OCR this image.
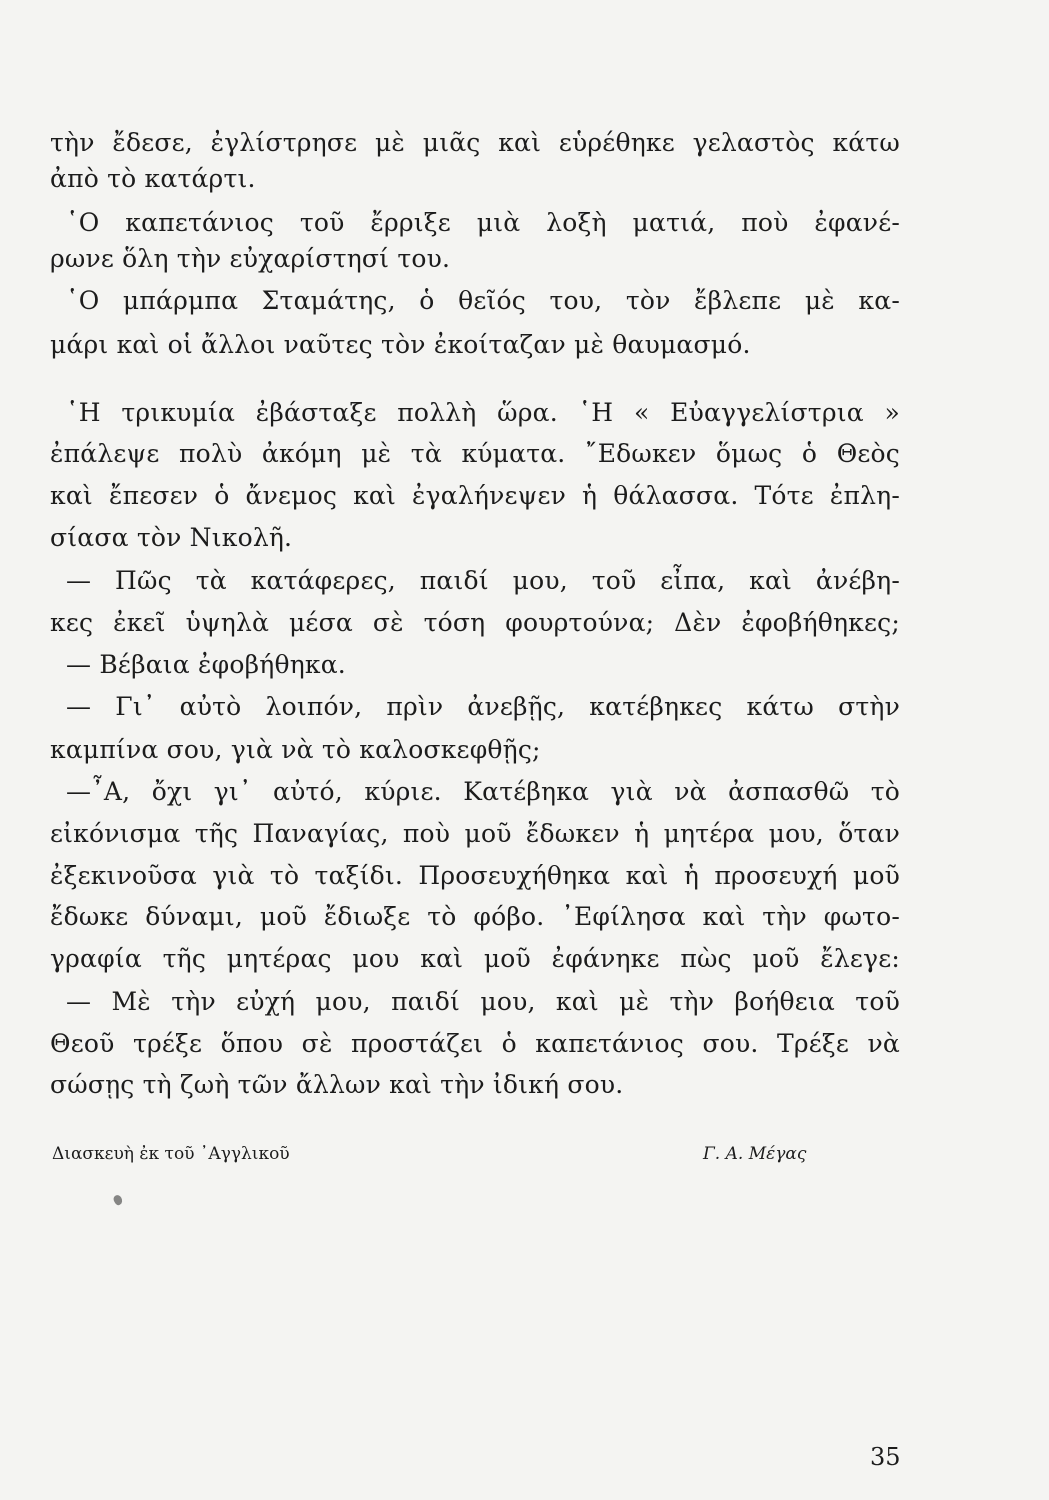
τὴν ἔδεσε, ἐγλίστρησε μὲ μιᾶς καὶ εὑρέθηκε γελαστὸς κάτω
ἀπὸ τὸ κατάρτι.
῾Ο καπετάνιος τοῦ ἔρριξε μιὰ λοξὴ ματιά, ποὺ ἐφανέ-
ρωνε ὅλη τὴν εὐχαρίστησί του.
῾Ο μπάρμπα Σταμάτης, ὁ θεῖός του, τὸν ἔβλεπε μὲ κα-
μάρι καὶ οἱ ἄλλοι ναῦτες τὸν ἐκοίταζαν μὲ θαυμασμό.
῾Η τρικυμία ἐβάσταξε πολλὴ ὥρα. ῾Η « Εὐαγγελίστρια »
ἐπάλεψε πολὺ ἀκόμη μὲ τὰ κύματα. ῎Εδωκεν ὅμως ὁ Θεὸς
καὶ ἔπεσεν ὁ ἄνεμος καὶ ἐγαλήνεψεν ἡ θάλασσα. Τότε ἐπλη-
σίασα τὸν Νικολῆ.
— Πῶς τὰ κατάφερες, παιδί μου, τοῦ εἶπα, καὶ ἀνέβη-
κες ἐκεῖ ὑψηλὰ μέσα σὲ τόση φουρτούνα; Δὲν ἐφοβήθηκες;
— Βέβαια ἐφοβήθηκα.
— Γι᾿ αὐτὸ λοιπόν, πρὶν ἀνεβῇς, κατέβηκες κάτω στὴν
καμπίνα σου, γιὰ νὰ τὸ καλοσκεφθῇς;
—῏Α, ὄχι γι᾿ αὐτό, κύριε. Κατέβηκα γιὰ νὰ ἀσπασθῶ τὸ
εἰκόνισμα τῆς Παναγίας, ποὺ μοῦ ἔδωκεν ἡ μητέρα μου, ὅταν
ἐξεκινοῦσα γιὰ τὸ ταξίδι. Προσευχήθηκα καὶ ἡ προσευχή μοῦ
ἔδωκε δύναμι, μοῦ ἔδιωξε τὸ φόβο. ᾿Εφίλησα καὶ τὴν φωτο-
γραφία τῆς μητέρας μου καὶ μοῦ ἐφάνηκε πὼς μοῦ ἔλεγε:
— Μὲ τὴν εὐχή μου, παιδί μου, καὶ μὲ τὴν βοήθεια τοῦ
Θεοῦ τρέξε ὅπου σὲ προστάζει ὁ καπετάνιος σου. Τρέξε νὰ
σώσῃς τὴ ζωὴ τῶν ἄλλων καὶ τὴν ἰδική σου.
Διασκευὴ ἐκ τοῦ ᾿Αγγλικοῦ	Γ. Α. Μέγας
35
